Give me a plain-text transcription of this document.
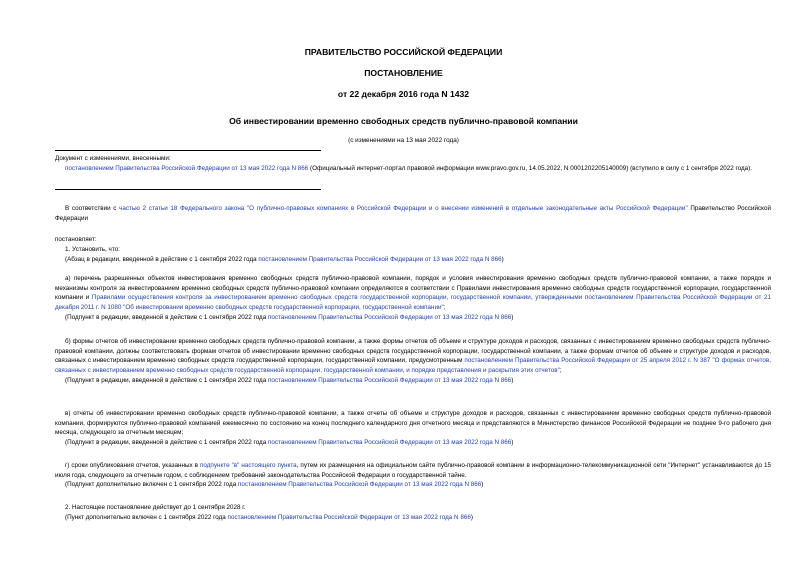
ПРАВИТЕЛЬСТВО РОССИЙСКОЙ ФЕДЕРАЦИИ
ПОСТАНОВЛЕНИЕ
от 22 декабря 2016 года N 1432
Об инвестировании временно свободных средств публично-правовой компании
(с изменениями на 13 мая 2022 года)

Документ с изменениями, внесенными:

постановлением Правительства Российской Федерации от 13 мая 2022 года N 866 (Официальный интернет-портал правовой информации www.pravo.gov.ru, 14.05.2022, N 0001202205140009) (вступило в силу с 1 сентября 2022 года).

В соответствии с частью 2 статьи 18 Федерального закона "О публично-правовых компаниях в Российской Федерации и о внесении изменений в отдельные законодательные акты Российской Федерации" Правительство Российской Федерации
постановляет:

1. Установить, что:

(Абзац в редакции, введенной в действие с 1 сентября 2022 года постановлением Правительства Российской Федерации от 13 мая 2022 года N 866)

а) перечень разрешенных объектов инвестирования временно свободных средств публично-правовой компании, порядок и условия инвестирования временно свободных средств публично-правовой компании, а также порядок и механизмы контроля за инвестированием временно свободных средств публично-правовой компании определяются в соответствии с Правилами инвестирования временно свободных средств государственной корпорации, государственной компании и Правилами осуществления контроля за инвестированием временно свободных средств государственной корпорации, государственной компании, утвержденными постановлением Правительства Российской Федерации от 21 декабря 2011 г. N 1080 "Об инвестировании временно свободных средств государственной корпорации, государственной компании";

(Подпункт в редакции, введенной в действие с 1 сентября 2022 года постановлением Правительства Российской Федерации от 13 мая 2022 года N 866)

б) формы отчетов об инвестировании временно свободных средств публично-правовой компании, а также формы отчетов об объеме и структуре доходов и расходов, связанных с инвестированием временно свободных средств публично-правовой компании, должны соответствовать формам отчетов об инвестировании временно свободных средств государственной корпорации, государственной компании, а также формам отчетов об объеме и структуре доходов и расходов, связанных с инвестированием временно свободных средств государственной корпорации, государственной компании, предусмотренным постановлением Правительства Российской Федерации от 25 апреля 2012 г. N 387 "О формах отчетов, связанных с инвестированием временно свободных средств государственной корпорации, государственной компании, и порядке представления и раскрытия этих отчетов";

(Подпункт в редакции, введенной в действие с 1 сентября 2022 года постановлением Правительства Российской Федерации от 13 мая 2022 года N 866)

в) отчеты об инвестировании временно свободных средств публично-правовой компании, а также отчеты об объеме и структуре доходов и расходов, связанных с инвестированием временно свободных средств публично-правовой компании, формируются публично-правовой компанией ежемесячно по состоянию на конец последнего календарного дня отчетного месяца и представляются в Министерство финансов Российской Федерации не позднее 9-го рабочего дня месяца, следующего за отчетным месяцем;

(Подпункт в редакции, введенной в действие с 1 сентября 2022 года постановлением Правительства Российской Федерации от 13 мая 2022 года N 866)

г) сроки опубликования отчетов, указанных в подпункте "в" настоящего пункта, путем их размещения на официальном сайте публично-правовой компании в информационно-телекоммуникационной сети "Интернет" устанавливаются до 15 июля года, следующего за отчетным годом, с соблюдением требований законодательства Российской Федерации о государственной тайне.

(Подпункт дополнительно включен с 1 сентября 2022 года постановлением Правительства Российской Федерации от 13 мая 2022 года N 866)

2. Настоящее постановление действует до 1 сентября 2028 г.

(Пункт дополнительно включен с 1 сентября 2022 года постановлением Правительства Российской Федерации от 13 мая 2022 года N 866)
